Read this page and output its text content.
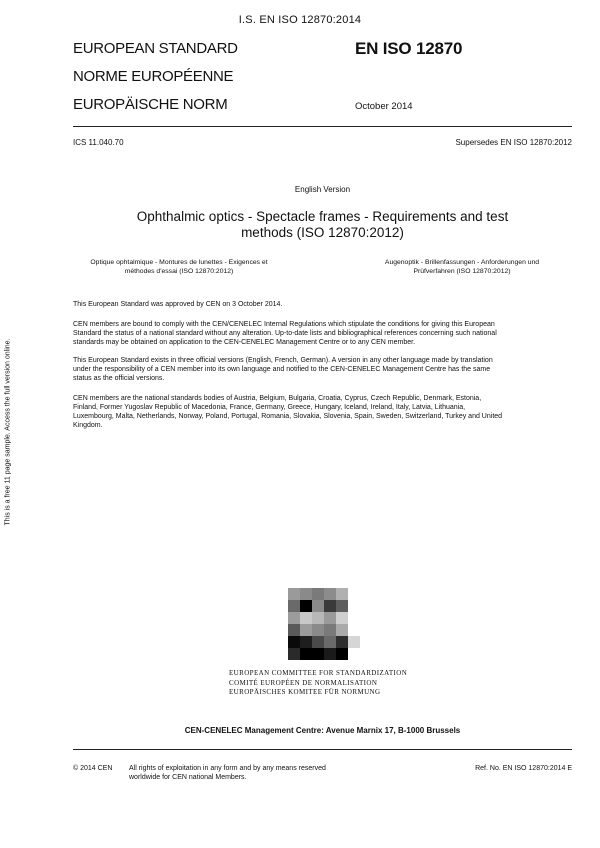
I.S. EN ISO 12870:2014
EUROPEAN STANDARD
NORME EUROPÉENNE
EUROPÄISCHE NORM
EN ISO 12870
October 2014
ICS 11.040.70	Supersedes EN ISO 12870:2012
English Version
Ophthalmic optics - Spectacle frames - Requirements and test
methods (ISO 12870:2012)
Optique ophtalmique - Montures de lunettes - Exigences et
méthodes d'essai (ISO 12870:2012)
Augenoptik - Brillenfassungen - Anforderungen und
Prüfverfahren (ISO 12870:2012)
This European Standard was approved by CEN on 3 October 2014.
CEN members are bound to comply with the CEN/CENELEC Internal Regulations which stipulate the conditions for giving this European
Standard the status of a national standard without any alteration. Up-to-date lists and bibliographical references concerning such national
standards may be obtained on application to the CEN-CENELEC Management Centre or to any CEN member.
This European Standard exists in three official versions (English, French, German). A version in any other language made by translation
under the responsibility of a CEN member into its own language and notified to the CEN-CENELEC Management Centre has the same
status as the official versions.
CEN members are the national standards bodies of Austria, Belgium, Bulgaria, Croatia, Cyprus, Czech Republic, Denmark, Estonia,
Finland, Former Yugoslav Republic of Macedonia, France, Germany, Greece, Hungary, Iceland, Ireland, Italy, Latvia, Lithuania,
Luxembourg, Malta, Netherlands, Norway, Poland, Portugal, Romania, Slovakia, Slovenia, Spain, Sweden, Switzerland, Turkey and United
Kingdom.
This is a free 11 page sample. Access the full version online.
EUROPEAN COMMITTEE FOR STANDARDIZATION
COMITÉ EUROPÉEN DE NORMALISATION
EUROPÄISCHES KOMITEE FÜR NORMUNG
CEN-CENELEC Management Centre: Avenue Marnix 17, B-1000 Brussels
© 2014 CEN All rights of exploitation in any form and by any means reserved
worldwide for CEN national Members.
Ref. No. EN ISO 12870:2014 E
